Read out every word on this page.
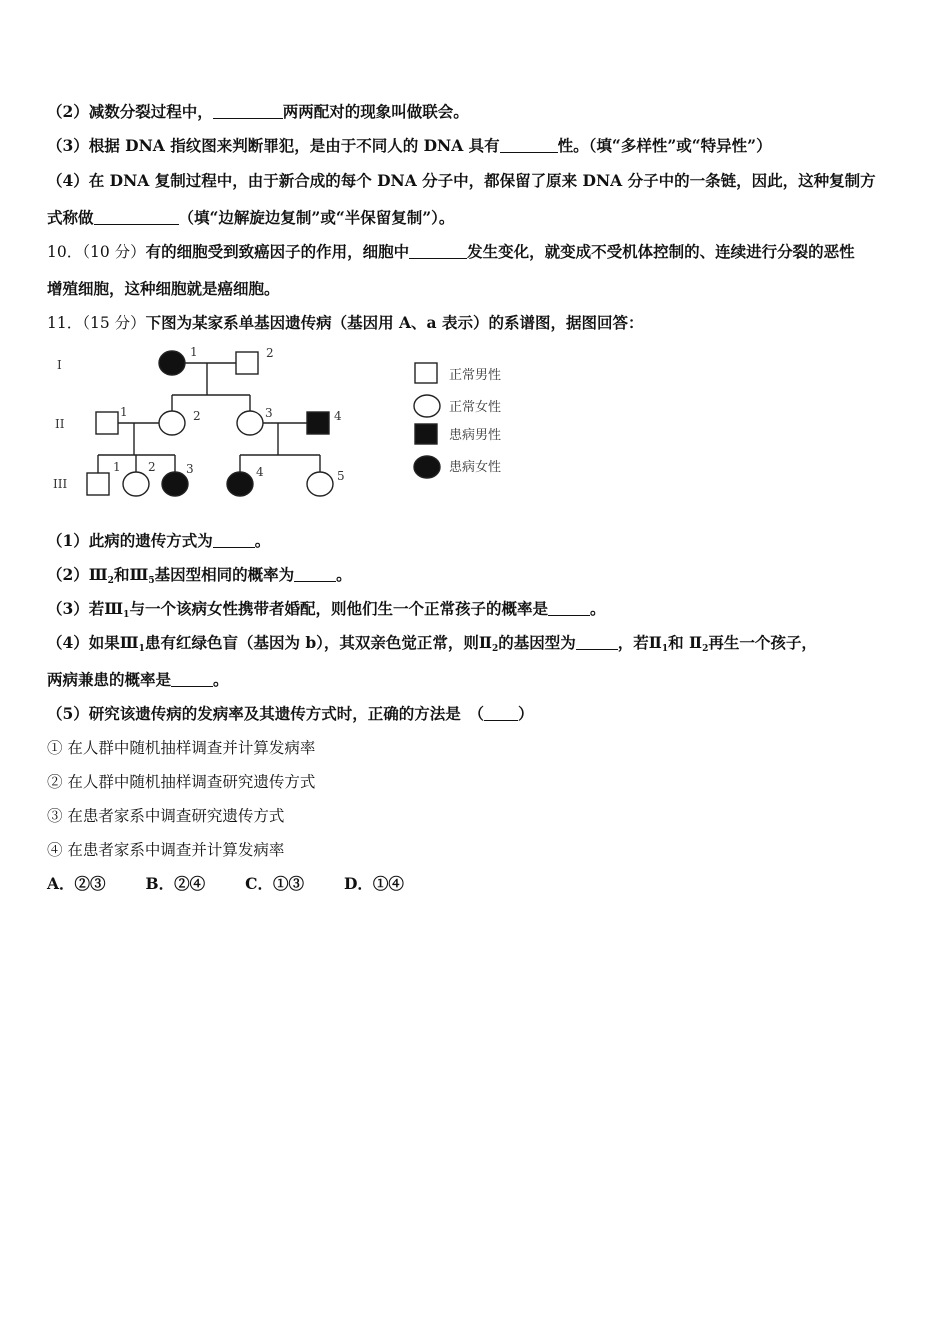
（2）减数分裂过程中，	两两配对的现象叫做联会。
（3）根据 DNA 指纹图来判断罪犯，是由于不同人的 DNA 具有	性。（填“多样性”或“特异性”）
（4）在 DNA 复制过程中，由于新合成的每个 DNA 分子中，都保留了原来 DNA 分子中的一条链，因此，这种复制方
式称做	（填“边解旋边复制”或“半保留复制”）。
10．（10 分）有的细胞受到致癌因子的作用，细胞中	发生变化，就变成不受机体控制的、连续进行分裂的恶性
增殖细胞，这种细胞就是癌细胞。
11．（15 分）下图为某家系单基因遗传病（基因用 A、a 表示）的系谱图，据图回答：
I
II
III
1	2
1	2	3	4
1 2	3	4	5
正常男性
正常女性
患病男性
患病女性
（1）此病的遗传方式为	。
$(2)Ⅲ_2$和$Ⅲ_5$基因型相同的概率为	。
（3）若$Ⅲ_1$与一个该病女性携带者婚配，则他们生一个正常孩子的概率是	。
（4）如果$Ⅲ_1$患有红绿色盲（基因为 b），其双亲色觉正常，则$Ⅱ_2$的基因型为	，若$Ⅱ_1$和 $Ⅱ_2$再生一个孩子，
两病兼患的概率是	。
（5）研究该遗传病的发病率及其遗传方式时，正确的方法是　（ ）
① 在人群中随机抽样调查并计算发病率
② 在人群中随机抽样调查研究遗传方式
③ 在患者家系中调查研究遗传方式
④ 在患者家系中调查并计算发病率
A．②③	B．②④	C．①③	D．①④
